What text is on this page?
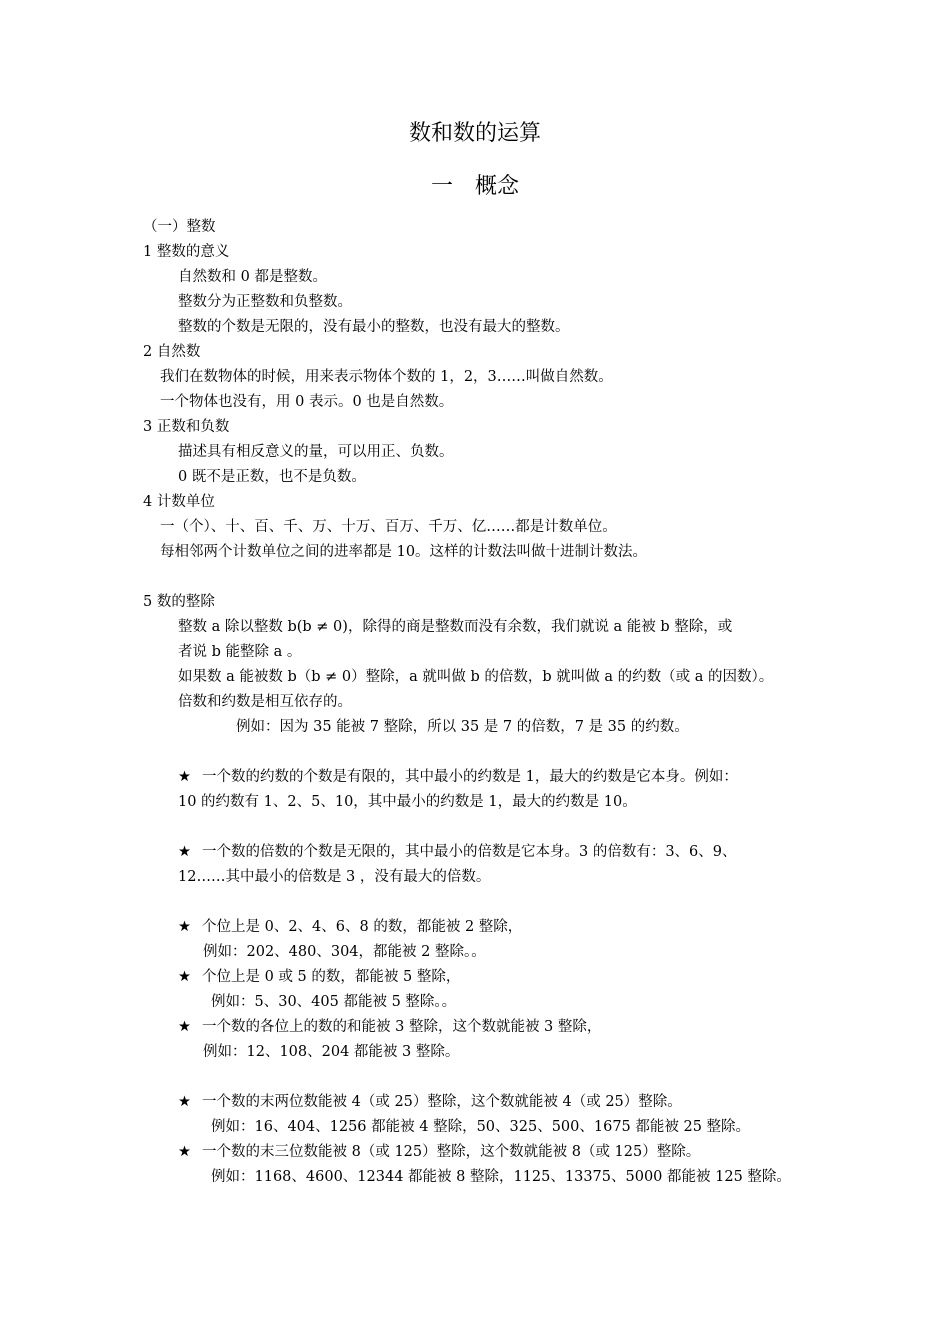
数和数的运算
一　概念
（一）整数
1 整数的意义
自然数和 0 都是整数。
整数分为正整数和负整数。
整数的个数是无限的，没有最小的整数，也没有最大的整数。
2 自然数
我们在数物体的时候，用来表示物体个数的 1，2，3……叫做自然数。
一个物体也没有，用 0 表示。0 也是自然数。
3 正数和负数
描述具有相反意义的量，可以用正、负数。
0 既不是正数，也不是负数。
4 计数单位
一（个）、十、百、千、万、十万、百万、千万、亿……都是计数单位。
每相邻两个计数单位之间的进率都是 10。这样的计数法叫做十进制计数法。
5 数的整除
整数 a 除以整数 b(b ≠ 0)，除得的商是整数而没有余数，我们就说 a 能被 b 整除，或
者说 b 能整除 a 。
如果数 a 能被数 b（b ≠ 0）整除，a 就叫做 b 的倍数，b 就叫做 a 的约数（或 a 的因数）。
倍数和约数是相互依存的。
例如：因为 35 能被 7 整除，所以 35 是 7 的倍数，7 是 35 的约数。
★ 一个数的约数的个数是有限的，其中最小的约数是 1，最大的约数是它本身。例如：
10 的约数有 1、2、5、10，其中最小的约数是 1，最大的约数是 10。
★ 一个数的倍数的个数是无限的，其中最小的倍数是它本身。3 的倍数有：3、6、9、
12……其中最小的倍数是 3 ，没有最大的倍数。
★ 个位上是 0、2、4、6、8 的数，都能被 2 整除，
例如：202、480、304，都能被 2 整除。。
★ 个位上是 0 或 5 的数，都能被 5 整除，
例如：5、30、405 都能被 5 整除。。
★ 一个数的各位上的数的和能被 3 整除，这个数就能被 3 整除，
例如：12、108、204 都能被 3 整除。
★ 一个数的末两位数能被 4（或 25）整除，这个数就能被 4（或 25）整除。
例如：16、404、1256 都能被 4 整除，50、325、500、1675 都能被 25 整除。
★ 一个数的末三位数能被 8（或 125）整除，这个数就能被 8（或 125）整除。
例如：1168、4600、12344 都能被 8 整除，1125、13375、5000 都能被 125 整除。
